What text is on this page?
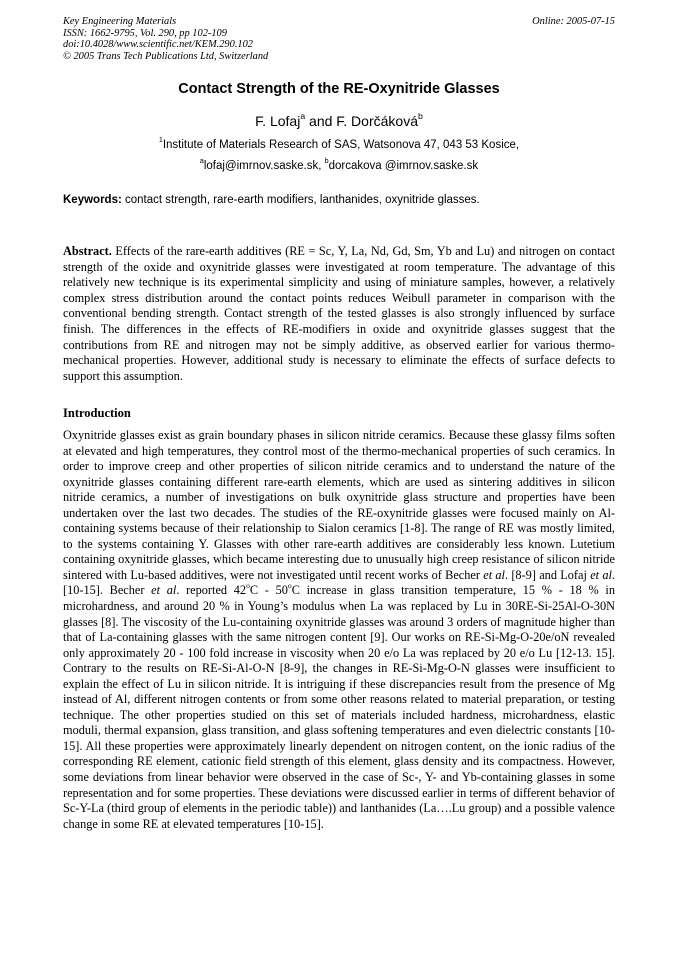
Key Engineering Materials
ISSN: 1662-9795, Vol. 290, pp 102-109
doi:10.4028/www.scientific.net/KEM.290.102
© 2005 Trans Tech Publications Ltd, Switzerland
Online: 2005-07-15
Contact Strength of the RE-Oxynitride Glasses
F. Lofaj$^a$ and F. Dorčáková$^b$
$^1$Institute of Materials Research of SAS, Watsonova 47, 043 53 Kosice,
$^a$lofaj@imrnov.saske.sk, $^b$dorcakova @imrnov.saske.sk
Keywords: contact strength, rare-earth modifiers, lanthanides, oxynitride glasses.
Abstract. Effects of the rare-earth additives (RE = Sc, Y, La, Nd, Gd, Sm, Yb and Lu) and nitrogen on contact strength of the oxide and oxynitride glasses were investigated at room temperature. The advantage of this relatively new technique is its experimental simplicity and using of miniature samples, however, a relatively complex stress distribution around the contact points reduces Weibull parameter in comparison with the conventional bending strength. Contact strength of the tested glasses is also strongly influenced by surface finish. The differences in the effects of RE-modifiers in oxide and oxynitride glasses suggest that the contributions from RE and nitrogen may not be simply additive, as observed earlier for various thermo-mechanical properties. However, additional study is necessary to eliminate the effects of surface defects to support this assumption.
Introduction
Oxynitride glasses exist as grain boundary phases in silicon nitride ceramics. Because these glassy films soften at elevated and high temperatures, they control most of the thermo-mechanical properties of such ceramics. In order to improve creep and other properties of silicon nitride ceramics and to understand the nature of the oxynitride glasses containing different rare-earth elements, which are used as sintering additives in silicon nitride ceramics, a number of investigations on bulk oxynitride glass structure and properties have been undertaken over the last two decades. The studies of the RE-oxynitride glasses were focused mainly on Al-containing systems because of their relationship to Sialon ceramics [1-8]. The range of RE was mostly limited, to the systems containing Y. Glasses with other rare-earth additives are considerably less known. Lutetium containing oxynitride glasses, which became interesting due to unusually high creep resistance of silicon nitride sintered with Lu-based additives, were not investigated until recent works of Becher et al. [8-9] and Lofaj et al. [10-15]. Becher et al. reported 42$^o$C - 50$^o$C increase in glass transition temperature, 15 % - 18 % in microhardness, and around 20 % in Young’s modulus when La was replaced by Lu in 30RE-Si-25Al-O-30N glasses [8]. The viscosity of the Lu-containing oxynitride glasses was around 3 orders of magnitude higher than that of La-containing glasses with the same nitrogen content [9]. Our works on RE-Si-Mg-O-20e/oN revealed only approximately 20 - 100 fold increase in viscosity when 20 e/o La was replaced by 20 e/o Lu [12-13. 15]. Contrary to the results on RE-Si-Al-O-N [8-9], the changes in RE-Si-Mg-O-N glasses were insufficient to explain the effect of Lu in silicon nitride. It is intriguing if these discrepancies result from the presence of Mg instead of Al, different nitrogen contents or from some other reasons related to material preparation, or testing technique. The other properties studied on this set of materials included hardness, microhardness, elastic moduli, thermal expansion, glass transition, and glass softening temperatures and even dielectric constants [10-15]. All these properties were approximately linearly dependent on nitrogen content, on the ionic radius of the corresponding RE element, cationic field strength of this element, glass density and its compactness. However, some deviations from linear behavior were observed in the case of Sc-, Y- and Yb-containing glasses in some representation and for some properties. These deviations were discussed earlier in terms of different behavior of Sc-Y-La (third group of elements in the periodic table)) and lanthanides (La….Lu group) and a possible valence change in some RE at elevated temperatures [10-15].
